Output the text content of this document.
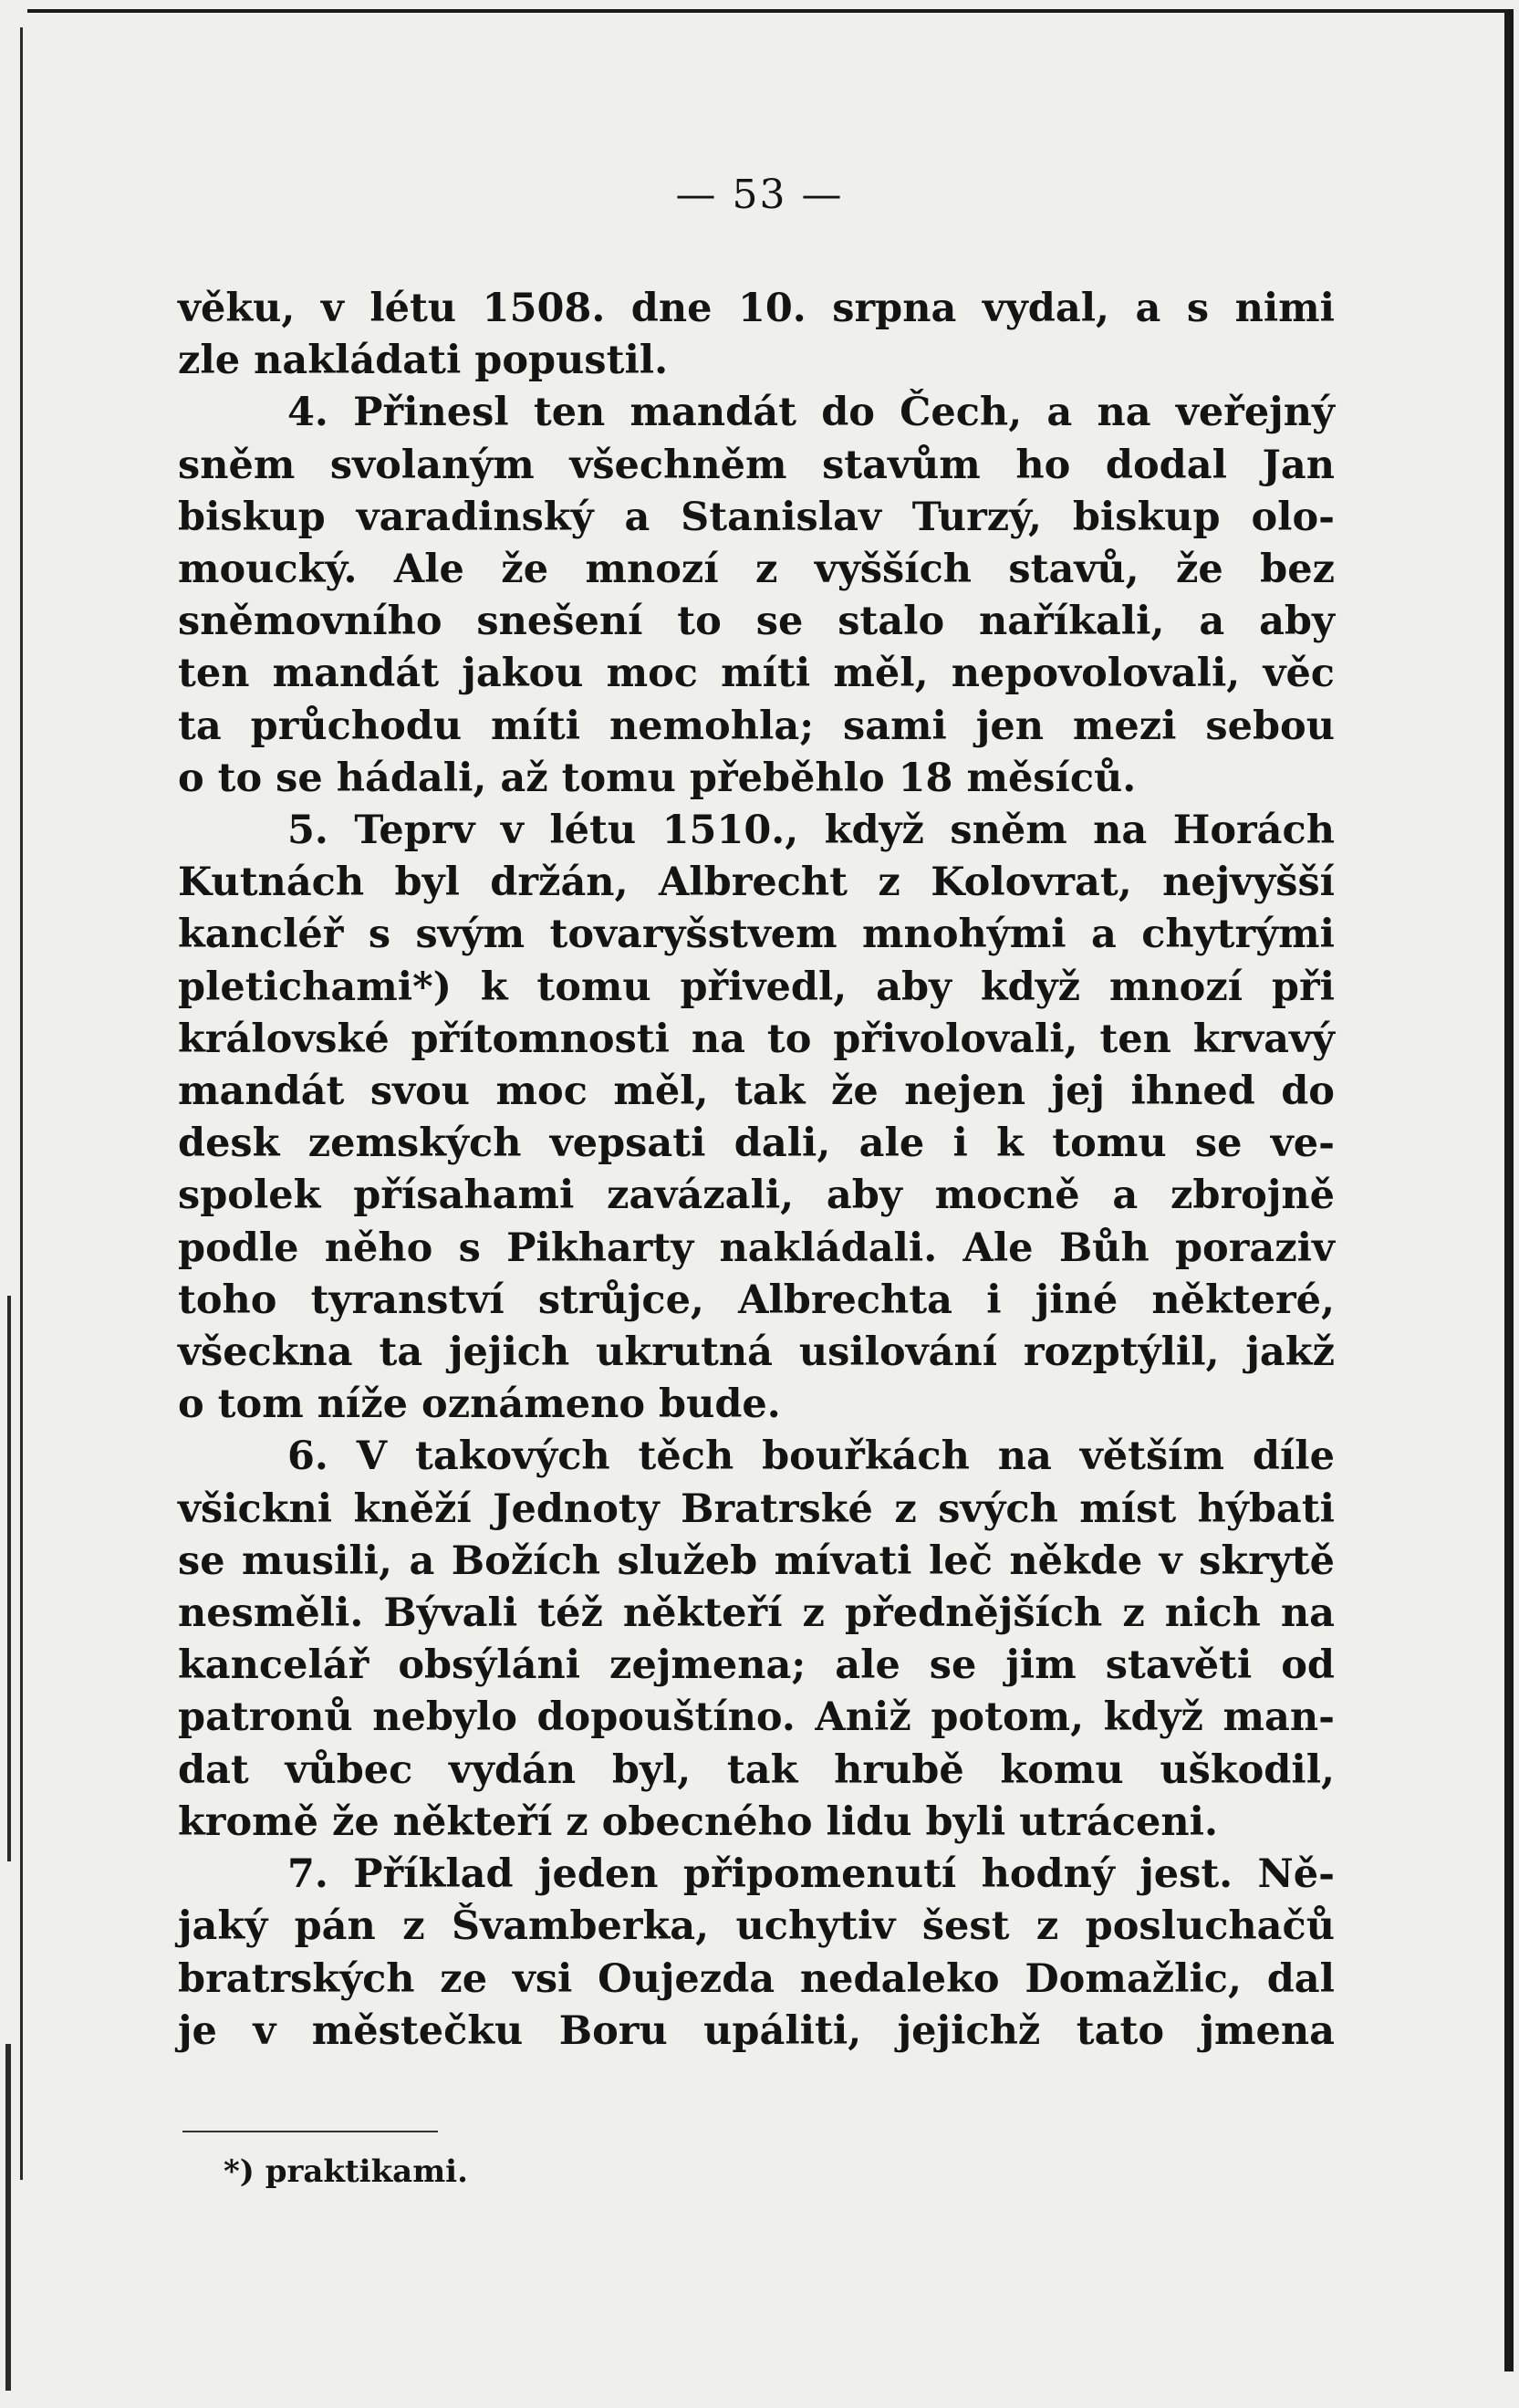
— 53 —

věku, v létu 1508. dne 10. srpna vydal, a s nimi

zle nakládati popustil.

4. Přinesl ten mandát do Čech, a na veřejný

sněm svolaným všechněm stavům ho dodal Jan

biskup varadinský a Stanislav Turzý, biskup olo-

moucký. Ale že mnozí z vyšších stavů, že bez

sněmovního snešení to se stalo naříkali, a aby

ten mandát jakou moc míti měl, nepovolovali, věc

ta průchodu míti nemohla; sami jen mezi sebou

o to se hádali, až tomu přeběhlo 18 měsíců.

5. Teprv v létu 1510., když sněm na Horách

Kutnách byl držán, Albrecht z Kolovrat, nejvyšší

kancléř s svým tovaryšstvem mnohými a chytrými

pletichami*) k tomu přivedl, aby když mnozí při

královské přítomnosti na to přivolovali, ten krvavý

mandát svou moc měl, tak že nejen jej ihned do

desk zemských vepsati dali, ale i k tomu se ve-

spolek přísahami zavázali, aby mocně a zbrojně

podle něho s Pikharty nakládali. Ale Bůh poraziv

toho tyranství strůjce, Albrechta i jiné některé,

všeckna ta jejich ukrutná usilování rozptýlil, jakž

o tom níže oznámeno bude.

6. V takových těch bouřkách na větším díle

všickni kněží Jednoty Bratrské z svých míst hýbati

se musili, a Božích služeb mívati leč někde v skrytě

nesměli. Bývali též někteří z přednějších z nich na

kancelář obsýláni zejmena; ale se jim stavěti od

patronů nebylo dopouštíno. Aniž potom, když man-

dat vůbec vydán byl, tak hrubě komu uškodil,

kromě že někteří z obecného lidu byli utráceni.

7. Příklad jeden připomenutí hodný jest. Ně-

jaký pán z Švamberka, uchytiv šest z posluchačů

bratrských ze vsi Oujezda nedaleko Domažlic, dal

je v městečku Boru upáliti, jejichž tato jmena

*) praktikami.
